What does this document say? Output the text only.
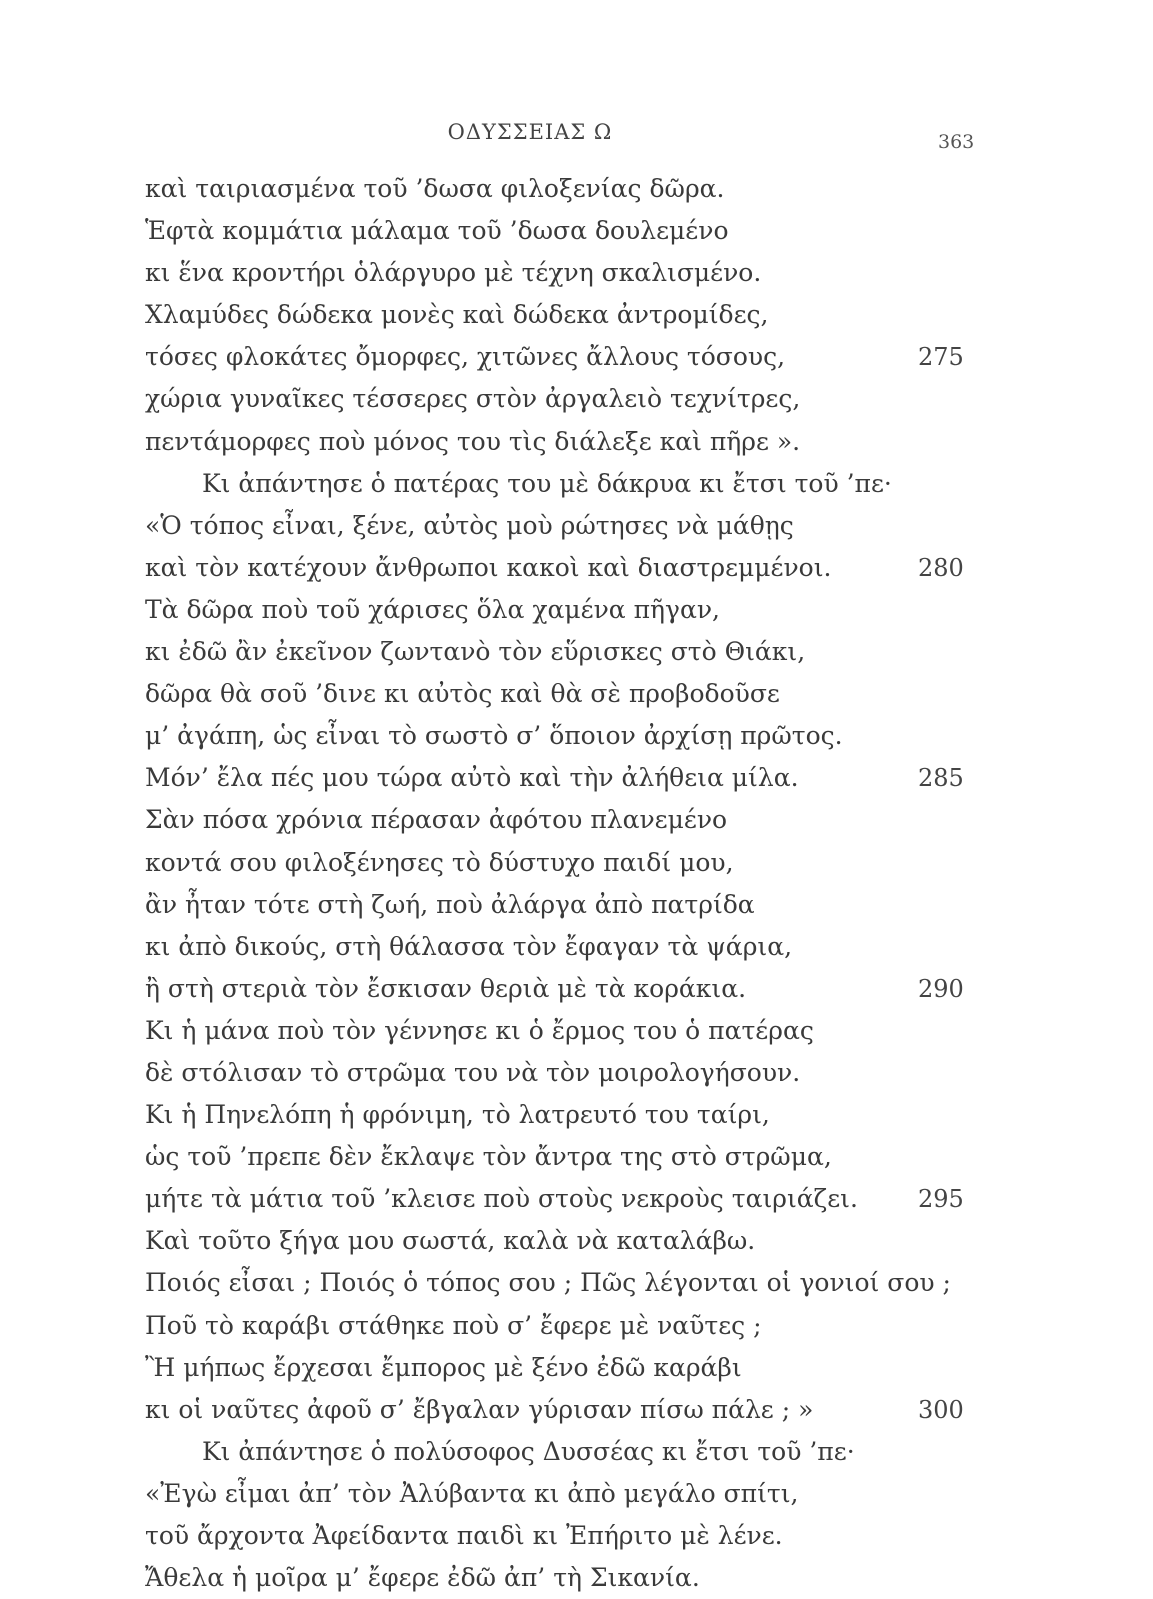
ΟΔΥΣΣΕΙΑΣ Ω	363
καὶ ταιριασμένα τοῦ ’δωσα φιλοξενίας δῶρα.
Ἑφτὰ κομμάτια μάλαμα τοῦ ’δωσα δουλεμένο
κι ἕνα κροντήρι ὁλάργυρο μὲ τέχνη σκαλισμένο.
Χλαμύδες δώδεκα μονὲς καὶ δώδεκα ἀντρομίδες,
τόσες φλοκάτες ὄμορφες, χιτῶνες ἄλλους τόσους,	275
χώρια γυναῖκες τέσσερες στὸν ἀργαλειὸ τεχνίτρες,
πεντάμορφες ποὺ μόνος του τὶς διάλεξε καὶ πῆρε ».
Κι ἀπάντησε ὁ πατέρας του μὲ δάκρυα κι ἔτσι τοῦ ’πε·
«Ὁ τόπος εἶναι, ξένε, αὐτὸς μοὺ ρώτησες νὰ μάθῃς
καὶ τὸν κατέχουν ἄνθρωποι κακοὶ καὶ διαστρεμμένοι.	280
Τὰ δῶρα ποὺ τοῦ χάρισες ὅλα χαμένα πῆγαν,
κι ἐδῶ ἂν ἐκεῖνον ζωντανὸ τὸν εὕρισκες στὸ Θιάκι,
δῶρα θὰ σοῦ ’δινε κι αὐτὸς καὶ θὰ σὲ προβοδοῦσε
μ’ ἀγάπη, ὡς εἶναι τὸ σωστὸ σ’ ὅποιον ἀρχίσῃ πρῶτος.
Μόν’ ἔλα πές μου τώρα αὐτὸ καὶ τὴν ἀλήθεια μίλα.	285
Σὰν πόσα χρόνια πέρασαν ἀφότου πλανεμένο
κοντά σου φιλοξένησες τὸ δύστυχο παιδί μου,
ἂν ἦταν τότε στὴ ζωή, ποὺ ἀλάργα ἀπὸ πατρίδα
κι ἀπὸ δικούς, στὴ θάλασσα τὸν ἔφαγαν τὰ ψάρια,
ἢ στὴ στεριὰ τὸν ἔσκισαν θεριὰ μὲ τὰ κοράκια.	290
Κι ἡ μάνα ποὺ τὸν γέννησε κι ὁ ἔρμος του ὁ πατέρας
δὲ στόλισαν τὸ στρῶμα του νὰ τὸν μοιρολογήσουν.
Κι ἡ Πηνελόπη ἡ φρόνιμη, τὸ λατρευτό του ταίρι,
ὡς τοῦ ’πρεπε δὲν ἔκλαψε τὸν ἄντρα της στὸ στρῶμα,
μήτε τὰ μάτια τοῦ ’κλεισε ποὺ στοὺς νεκροὺς ταιριάζει.	295
Καὶ τοῦτο ξήγα μου σωστά, καλὰ νὰ καταλάβω.
Ποιός εἶσαι ; Ποιός ὁ τόπος σου ; Πῶς λέγονται οἱ γονιοί σου ;
Ποῦ τὸ καράβι στάθηκε ποὺ σ’ ἔφερε μὲ ναῦτες ;
Ἢ μήπως ἔρχεσαι ἔμπορος μὲ ξένο ἐδῶ καράβι
κι οἱ ναῦτες ἀφοῦ σ’ ἔβγαλαν γύρισαν πίσω πάλε ; »	300
Κι ἀπάντησε ὁ πολύσοφος Δυσσέας κι ἔτσι τοῦ ’πε·
«Ἐγὼ εἶμαι ἀπ’ τὸν Ἀλύβαντα κι ἀπὸ μεγάλο σπίτι,
τοῦ ἄρχοντα Ἀφείδαντα παιδὶ κι Ἐπήριτο μὲ λένε.
Ἄθελα ἡ μοῖρα μ’ ἔφερε ἐδῶ ἀπ’ τὴ Σικανία.
